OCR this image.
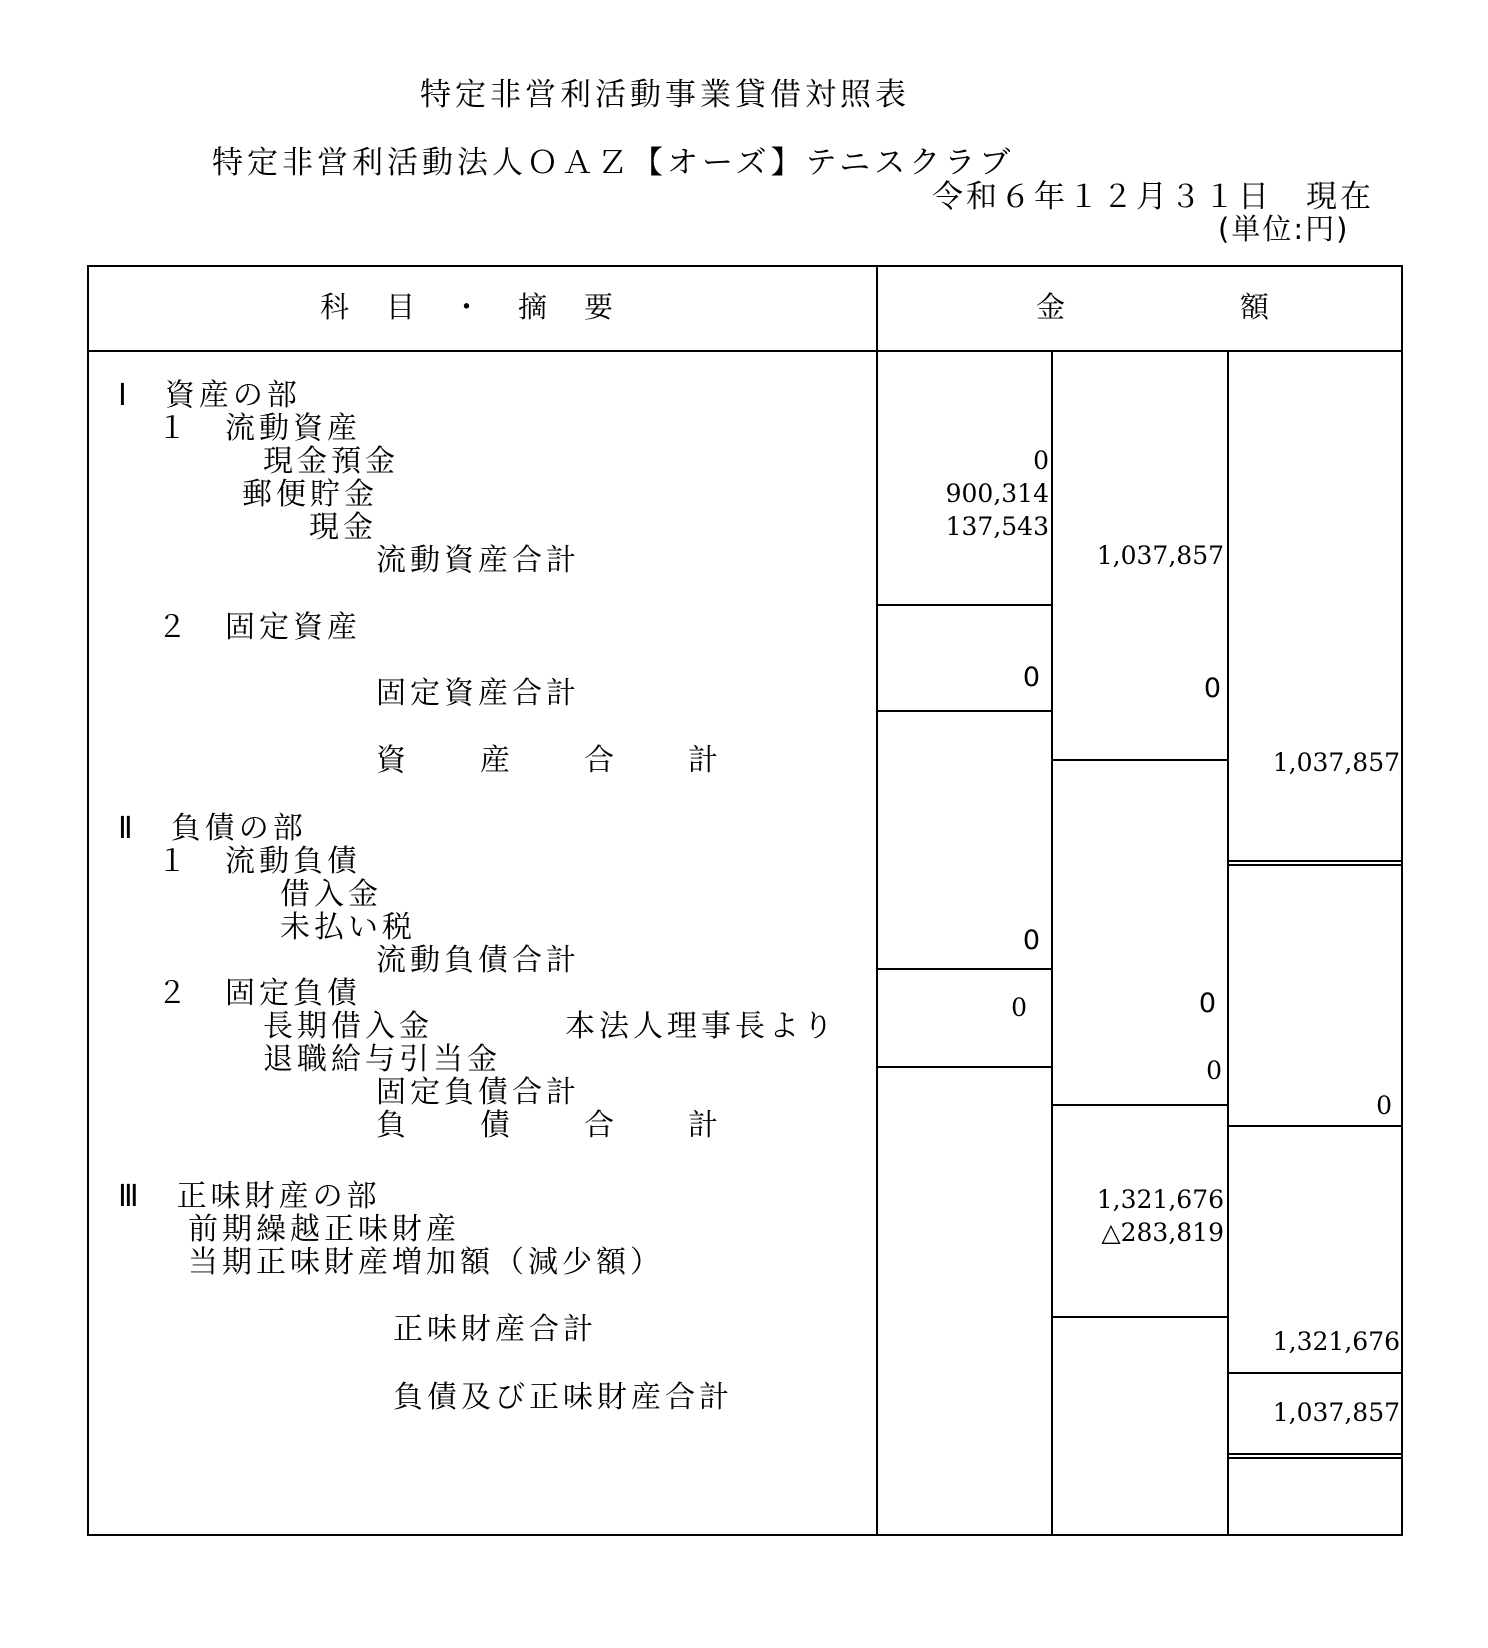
特定非営利活動事業貸借対照表
特定非営利活動法人ＯＡＺ【オーズ】テニスクラブ
令和６年１２月３１日　現在
(単位:円)
科　目　・　摘　要	金　　　額
Ⅰ　資産の部
１　流動資産
現金預金
郵便貯金
現金
流動資産合計
２　固定資産
固定資産合計
資　産　合　計
Ⅱ　負債の部
１　流動負債
借入金
未払い税
流動負債合計
２　固定負債
長期借入金	本法人理事長より
退職給与引当金
固定負債合計
負　債　合　計
Ⅲ　正味財産の部
前期繰越正味財産
当期正味財産増加額（減少額）
正味財産合計
負債及び正味財産合計
0
900,314
137,543
0
0
0
1,037,857
0
0
0
1,321,676
△283,819
1,037,857
0
1,321,676
1,037,857
